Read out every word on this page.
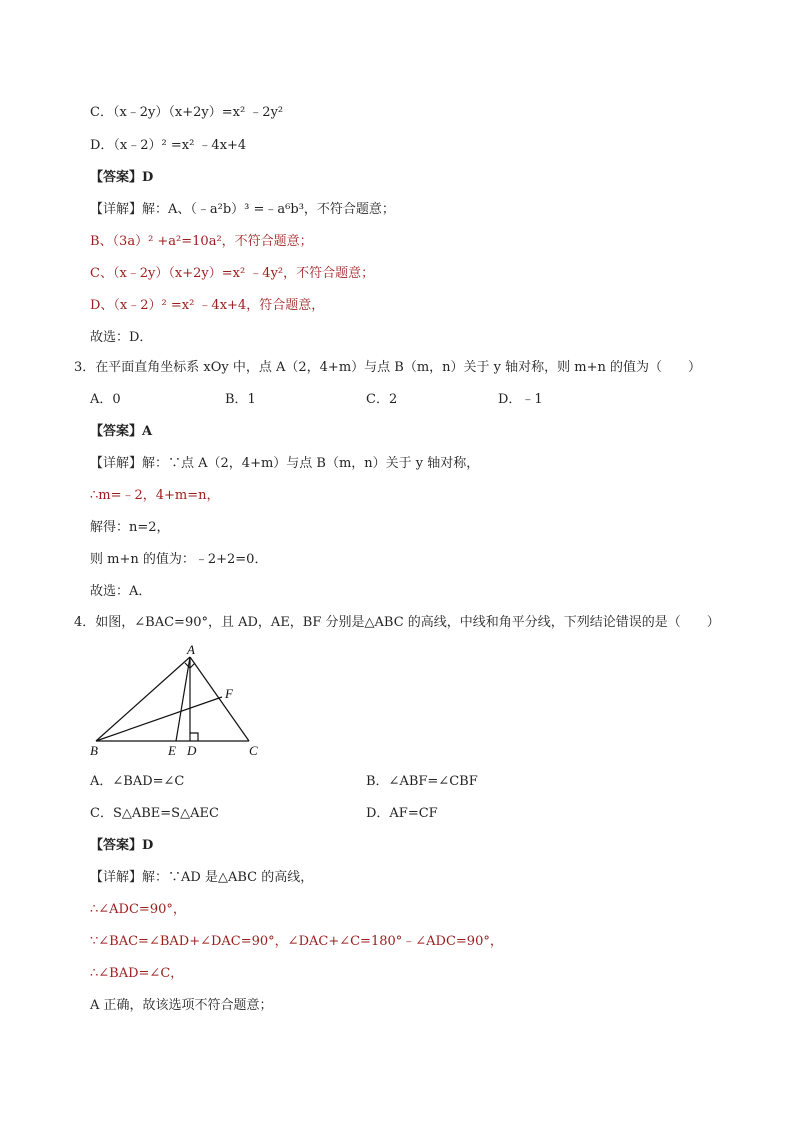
C．（x﹣2y）（x+2y）=x² ﹣2y²
D．（x﹣2）² =x² ﹣4x+4
【答案】D
【详解】解：A、（﹣a²b）³ =﹣a⁶b³，不符合题意；
B、（3a）² +a²=10a²，不符合题意；
C、（x﹣2y）（x+2y）=x² ﹣4y²，不符合题意；
D、（x﹣2）² =x² ﹣4x+4，符合题意，
故选：D．
3．在平面直角坐标系 xOy 中，点 A（2，4+m）与点 B（m，n）关于 y 轴对称，则 m+n 的值为（　　）
A．0	B．1	C．2	D．﹣1
【答案】A
【详解】解：∵点 A（2，4+m）与点 B（m，n）关于 y 轴对称，
∴m=﹣2，4+m=n，
解得：n=2，
则 m+n 的值为：﹣2+2=0．
故选：A．
4．如图，∠BAC=90°，且 AD，AE，BF 分别是△ABC 的高线，中线和角平分线，下列结论错误的是（　　）
A
B	C
D
E
F
A．∠BAD=∠C	B．∠ABF=∠CBF
C．S△ABE=S△AEC	D．AF=CF
【答案】D
【详解】解：∵AD 是△ABC 的高线，
∴∠ADC=90°，
∵∠BAC=∠BAD+∠DAC=90°，∠DAC+∠C=180°﹣∠ADC=90°，
∴∠BAD=∠C，
A 正确，故该选项不符合题意；
